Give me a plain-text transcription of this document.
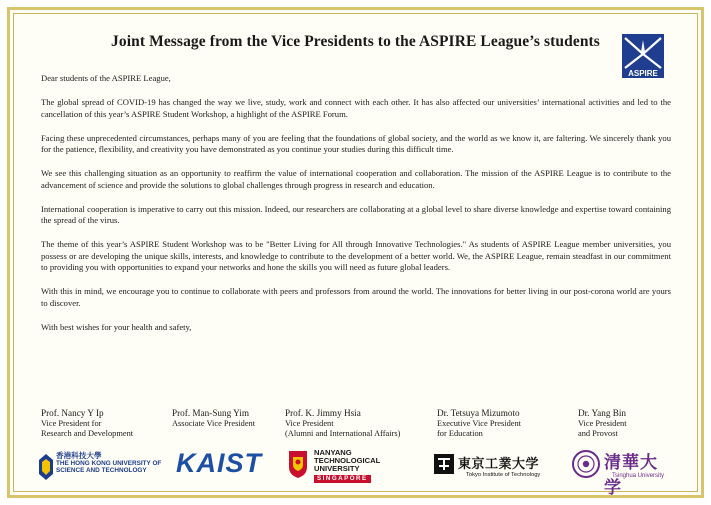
Joint Message from the Vice Presidents to the ASPIRE League’s students
ASPIRE

Dear students of the ASPIRE League,

The global spread of COVID-19 has changed the way we live, study, work and connect with each other. It has also affected our universities’ international activities and led to the cancellation of this year’s ASPIRE Student Workshop, a highlight of the ASPIRE Forum.

Facing these unprecedented circumstances, perhaps many of you are feeling that the foundations of global society, and the world as we know it, are faltering. We sincerely thank you for the patience, flexibility, and creativity you have demonstrated as you continue your studies during this difficult time.

We see this challenging situation as an opportunity to reaffirm the value of international cooperation and collaboration. The mission of the ASPIRE League is to contribute to the advancement of science and provide the solutions to global challenges through progress in research and education.

International cooperation is imperative to carry out this mission. Indeed, our researchers are collaborating at a global level to share diverse knowledge and expertise toward containing the spread of the virus.

The theme of this year’s ASPIRE Student Workshop was to be "Better Living for All through Innovative Technologies." As students of ASPIRE League member universities, you possess or are developing the unique skills, interests, and knowledge to contribute to the development of a better world. We, the ASPIRE League, remain steadfast in our commitment to providing you with opportunities to expand your networks and hone the skills you will need as future global leaders.

With this in mind, we encourage you to continue to collaborate with peers and professors from around the world. The innovations for better living in our post-corona world are yours to discover.

With best wishes for your health and safety,

Prof. Nancy Y Ip
Vice President for
Research and Development
Prof. Man-Sung Yim
Associate Vice President
Prof. K. Jimmy Hsia
Vice President
(Alumni and International Affairs)
Dr. Tetsuya Mizumoto
Executive Vice President
for Education
Dr. Yang Bin
Vice President
and Provost
香港科技大學
THE HONG KONG UNIVERSITY OF
SCIENCE AND TECHNOLOGY	KAIST	NANYANG
TECHNOLOGICAL
UNIVERSITY
SINGAPORE
東京工業大学
Tokyo Institute of Technology
清華大学
Tsinghua University
